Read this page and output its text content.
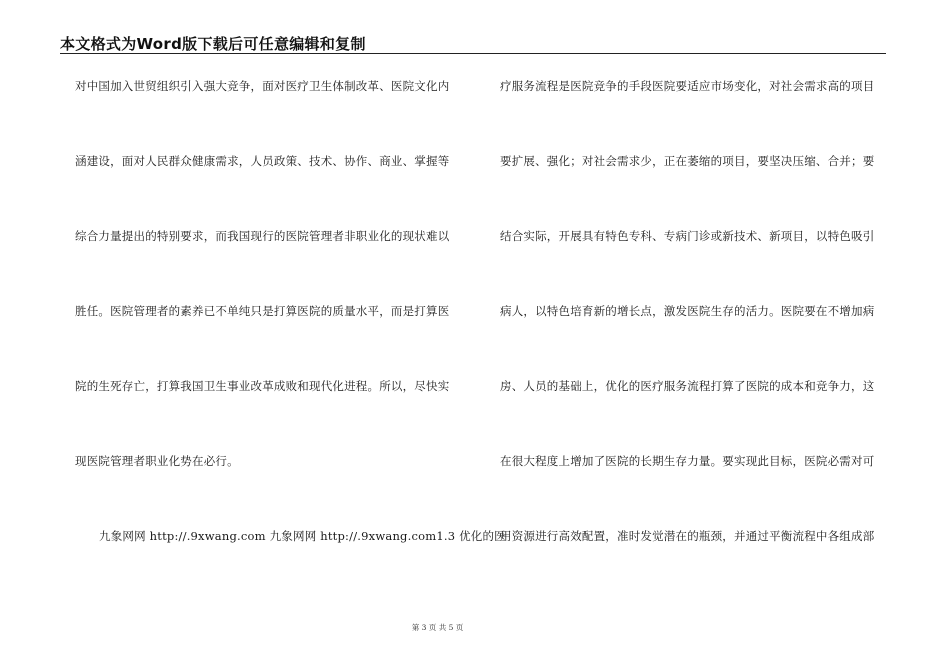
本文格式为Word版下载后可任意编辑和复制
对中国加入世贸组织引入强大竞争，面对医疗卫生体制改革、医院文化内
涵建设，面对人民群众健康需求，人员政策、技术、协作、商业、掌握等
综合力量提出的特别要求，而我国现行的医院管理者非职业化的现状难以
胜任。医院管理者的素养已不单纯只是打算医院的质量水平，而是打算医
院的生死存亡，打算我国卫生事业改革成败和现代化进程。所以，尽快实
现医院管理者职业化势在必行。
九象网网 http://.9xwang.com 九象网网 http://.9xwang.com1.3 优化的医
疗服务流程是医院竞争的手段医院要适应市场变化，对社会需求高的项目
要扩展、强化；对社会需求少，正在萎缩的项目，要坚决压缩、合并；要
结合实际，开展具有特色专科、专病门诊或新技术、新项目，以特色吸引
病人，以特色培育新的增长点，激发医院生存的活力。医院要在不增加病
房、人员的基础上，优化的医疗服务流程打算了医院的成本和竞争力，这
在很大程度上增加了医院的长期生存力量。要实现此目标，医院必需对可
用资源进行高效配置，准时发觉潜在的瓶颈，并通过平衡流程中各组成部
第 3 页 共 5 页
